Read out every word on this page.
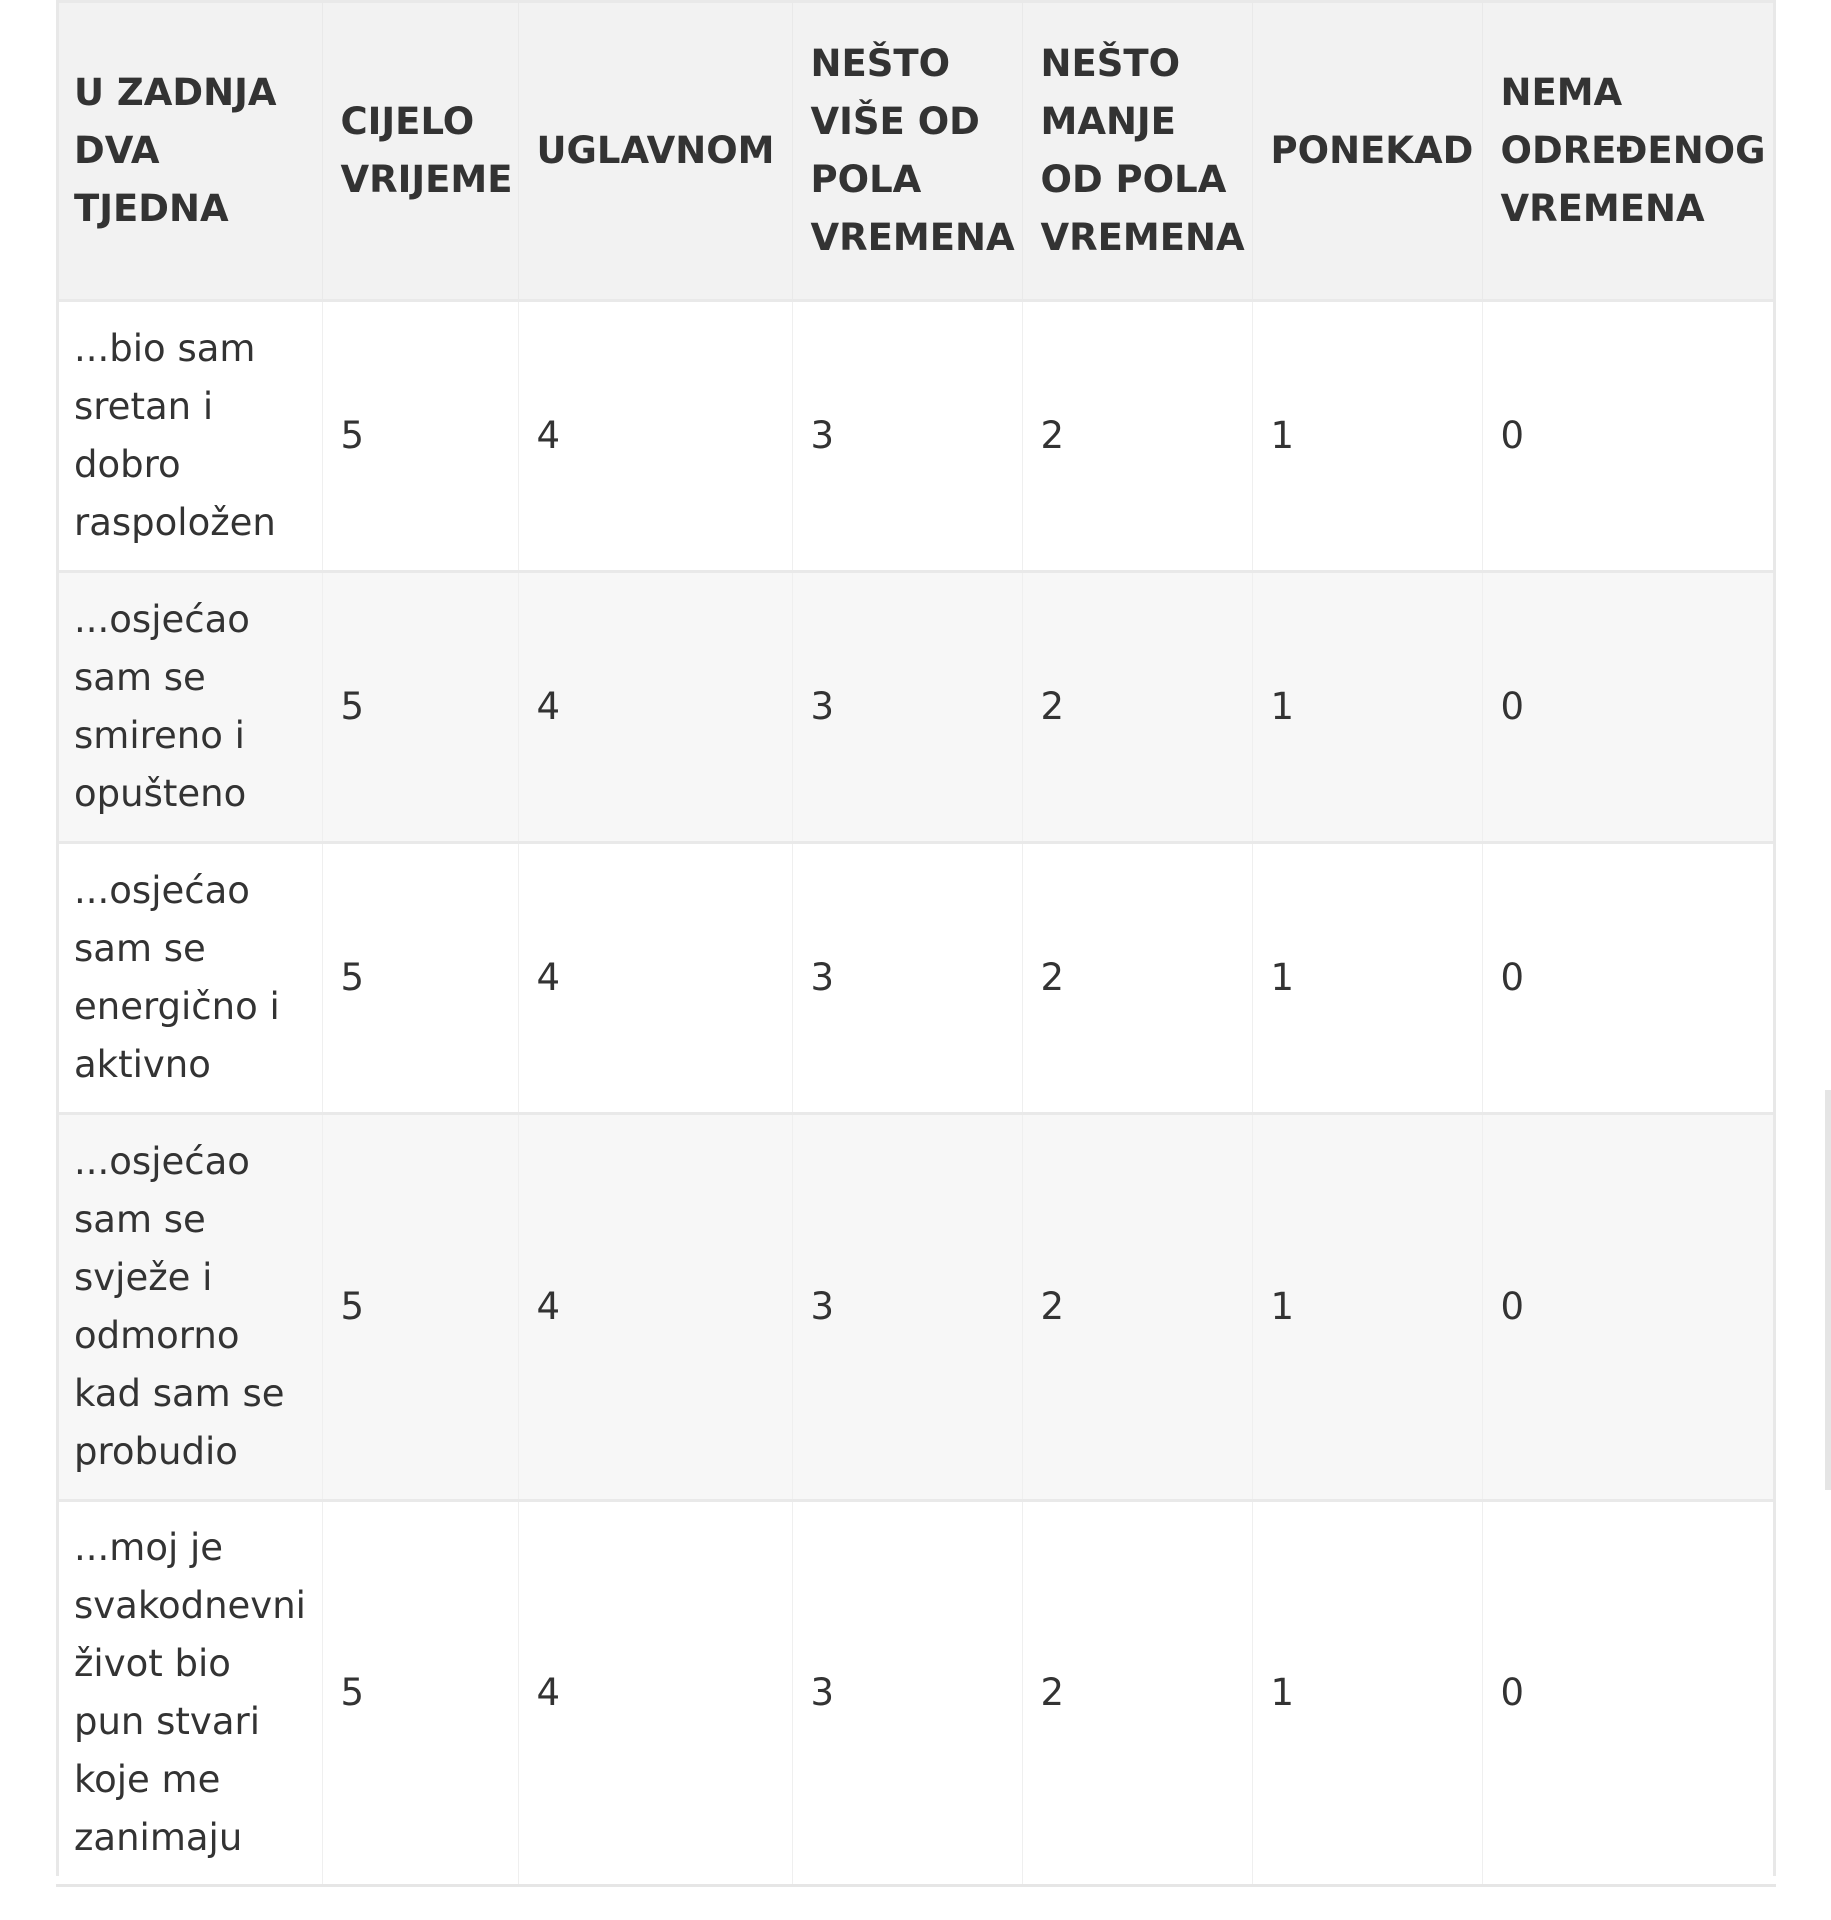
U ZADNJA DVA TJEDNA	CIJELO VRIJEME	UGLAVNOM	NEŠTO VIŠE OD POLA VREMENA	NEŠTO MANJE OD POLA VREMENA	PONEKAD	NEMA ODREĐENOG VREMENA
...bio sam sretan i dobro raspoložen	5	4	3	2	1	0
...osjećao sam se smireno i opušteno	5	4	3	2	1	0
...osjećao sam se energično i aktivno	5	4	3	2	1	0
...osjećao sam se svježe i odmorno kad sam se probudio	5	4	3	2	1	0
...moj je svakodnevni život bio pun stvari koje me zanimaju	5	4	3	2	1	0
